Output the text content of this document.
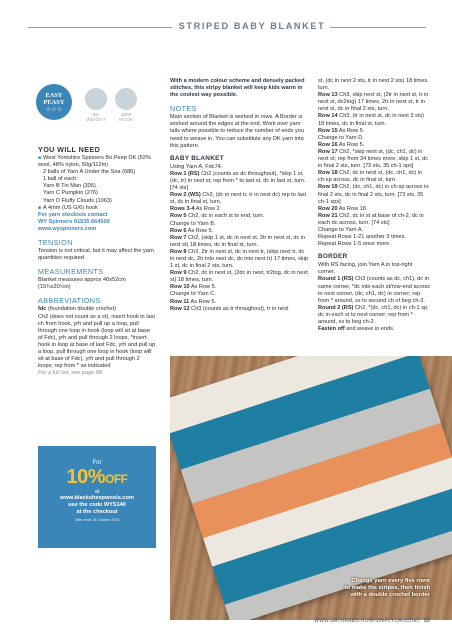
STRIPED BABY BLANKET
EASY
PEASY
☆☆☆
DK
WEIGHT
4MM
HOOK
YOU WILL NEED
■ West Yorkshire Spinners Bo Peep DK (52% wool, 48% nylon, 50g/112m)
2 balls of Yarn A Under the Sea (686)
1 ball of each:
Yarn B Tin Man (305)
Yarn C Pumpkin (276)
Yarn D Fluffy Clouds (1063)
■ A 4mm (US G/6) hook
For yarn stockists contact
WY Spinners 01535 664500
www.wyspinners.com
TENSION
Tension is not critical, but it may affect the yarn quantities required
MEASUREMENTS
Blanket measures approx 40x52cm (15¾x20½in)
ABBREVIATIONS
fdc (foundation double crochet)
Ch2 (does not count as a st), insert hook in last ch from hook, yrh and pull up a loop, pull through one loop in hook (loop will sit at base of Fdc), yrh and pull through 2 loops, *insert hook in loop at base of last Fdc, yrh and pull up a loop, pull through one loop in hook (loop will sit at base of Fdc), yrh and pull through 2 loops; rep from * as indicated
For a full list, see page 88
For
10%OFF
at
www.blacksheepwools.com
use the code WYS140
at the checkout
Offer ends 31 October 2016
With a modern colour scheme and densely packed stitches, this stripy blanket will keep kids warm in the coolest way possible.
NOTES
Main section of Blanket is worked in rows. A Border is worked around the edges at the end. Work over yarn tails where possible to reduce the number of ends you need to weave in. You can substitute any DK yarn into this pattern.
BABY BLANKET
Using Yarn A, Fdc74.
Row 1 (RS) Ch2 (counts as dc throughout), *skip 1 st, (dc, tr) in next st; rep from * to last st, dc in last st, turn. [74 sts]
Row 2 (WS) Ch2, (dc in next tr, tr in next dc) rep to last st, dc in final st, turn.
Rows 3-4 As Row 2
Row 5 Ch2, dc in each st to end, turn.
Change to Yarn B.
Row 6 As Row 5.
Row 7 Ch2, (skip 1 st, dc in next st, 2tr in next st, dc in next st) 18 times, dc in final st, turn.
Row 8 Ch2, 2tr in next st, dc in next tr, (skip next tr, dc in next dc, 2tr into next dc, dc into next tr) 17 times, skip 1 st, dc in final 2 sts, turn.
Row 9 Ch2, dc in next st, (2dc in next, tr2tog, dc in next st) 18 times, turn.
Row 10 As Row 5.
Change to Yarn C.
Row 11 As Row 5.
Row 12 Ch3 (counts as tr throughout), tr in next
st, (dc in next 2 sts, tr in next 2 sts) 18 times, turn.
Row 13 Ch3, skip next st, (2tr in next st, tr in next st, dc2tog) 17 times, 2tr in next st, tr in next st, dc in final 2 sts, turn.
Row 14 Ch3, (tr in next st, dc in next 3 sts) 18 times, dc in final st, turn.
Row 15 As Row 5.
Change to Yarn D.
Row 16 As Row 5.
Row 17 Ch2, *skip next st, (dc, ch1, dc) in next st; rep from 34 times more, skip 1 st, dc in final 2 sts, turn. [73 sts, 35 ch-1 sps]
Row 18 Ch2, dc in next st, (dc, ch1, dc) in ch-sp across, dc in final st, turn.
Row 19 Ch2, (dc, ch1, dc) in ch-sp across to final 2 sts, dc in final 2 sts, turn. [73 sts, 35 ch-1 sps]
Row 20 As Row 18.
Row 21 Ch2, dc in st at base of ch-2, dc in each dc across, turn. [74 sts]
Change to Yarn A.
Repeat Rows 1-21 another 3 times.
Repeat Rows 1-5 once more.
BORDER
With RS facing, join Yarn A in top-right corner.
Round 1 (RS) Ch3 (counts as dc, ch1), dc in same corner, *dc into each st/row-end across to next corner, (dc, ch1, dc) in corner; rep from * around, ss to second ch of beg ch-3.
Round 2 (RS) Ch2, *(dc, ch1, dc) in ch-1 sp, dc in each st to next corner; rep from * around, ss to beg ch-2.
Fasten off and weave in ends.
Change yarn every five rows
to make the stripes, then finish
with a double crochet border
WWW.GATHERED.HOW/SIMPLYCROCHET 53
